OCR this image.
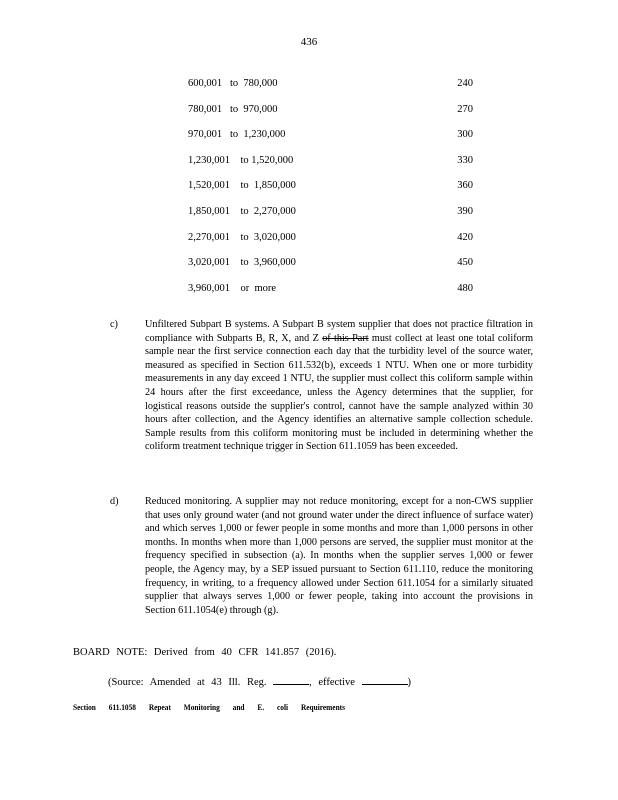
436
600,001   to  780,000	240
780,001   to  970,000	270
970,001   to  1,230,000	300
1,230,001    to 1,520,000	330
1,520,001    to  1,850,000	360
1,850,001    to  2,270,000	390
2,270,001    to  3,020,000	420
3,020,001    to  3,960,000	450
3,960,001    or  more	480
c)	Unfiltered Subpart B systems. A Subpart B system supplier that does not practice filtration in compliance with Subparts B, R, X, and Z of this Part must collect at least one total coliform sample near the first service connection each day that the turbidity level of the source water, measured as specified in Section 611.532(b), exceeds 1 NTU. When one or more turbidity measurements in any day exceed 1 NTU, the supplier must collect this coliform sample within 24 hours after the first exceedance, unless the Agency determines that the supplier, for logistical reasons outside the supplier's control, cannot have the sample analyzed within 30 hours after collection, and the Agency identifies an alternative sample collection schedule. Sample results from this coliform monitoring must be included in determining whether the coliform treatment technique trigger in Section 611.1059 has been exceeded.
d)	Reduced monitoring. A supplier may not reduce monitoring, except for a non-CWS supplier that uses only ground water (and not ground water under the direct influence of surface water) and which serves 1,000 or fewer people in some months and more than 1,000 persons in other months. In months when more than 1,000 persons are served, the supplier must monitor at the frequency specified in subsection (a). In months when the supplier serves 1,000 or fewer people, the Agency may, by a SEP issued pursuant to Section 611.110, reduce the monitoring frequency, in writing, to a frequency allowed under Section 611.1054 for a similarly situated supplier that always serves 1,000 or fewer people, taking into account the provisions in Section 611.1054(e) through (g).
BOARD NOTE: Derived from 40 CFR 141.857 (2016).
(Source: Amended at 43 Ill. Reg.	, effective	)
Section 611.1058 Repeat Monitoring and E. coli Requirements
